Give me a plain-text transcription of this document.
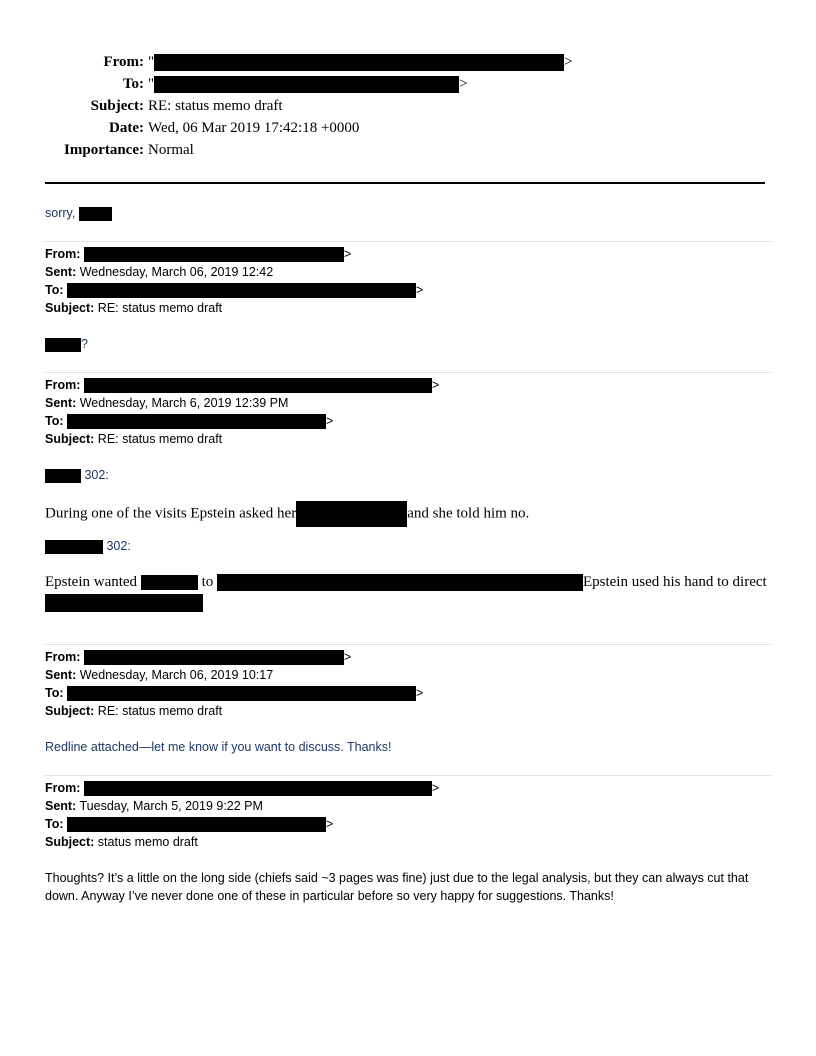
From: "	>
To: "	>
Subject: RE: status memo draft
Date: Wed, 06 Mar 2019 17:42:18 +0000
Importance: Normal
sorry,
From:	>
Sent: Wednesday, March 06, 2019 12:42
To:	>
Subject: RE: status memo draft
?
From:	>
Sent: Wednesday, March 6, 2019 12:39 PM
To:	>
Subject: RE: status memo draft
302:
During one of the visits Epstein asked her	and she told him no.
302:
Epstein wanted	to	Epstein used his hand to direct
From:	>
Sent: Wednesday, March 06, 2019 10:17
To:	>
Subject: RE: status memo draft
Redline attached—let me know if you want to discuss. Thanks!
From:	>
Sent: Tuesday, March 5, 2019 9:22 PM
To:	>
Subject: status memo draft
Thoughts? It’s a little on the long side (chiefs said ~3 pages was fine) just due to the legal analysis, but they can always cut that down. Anyway I’ve never done one of these in particular before so very happy for suggestions. Thanks!
